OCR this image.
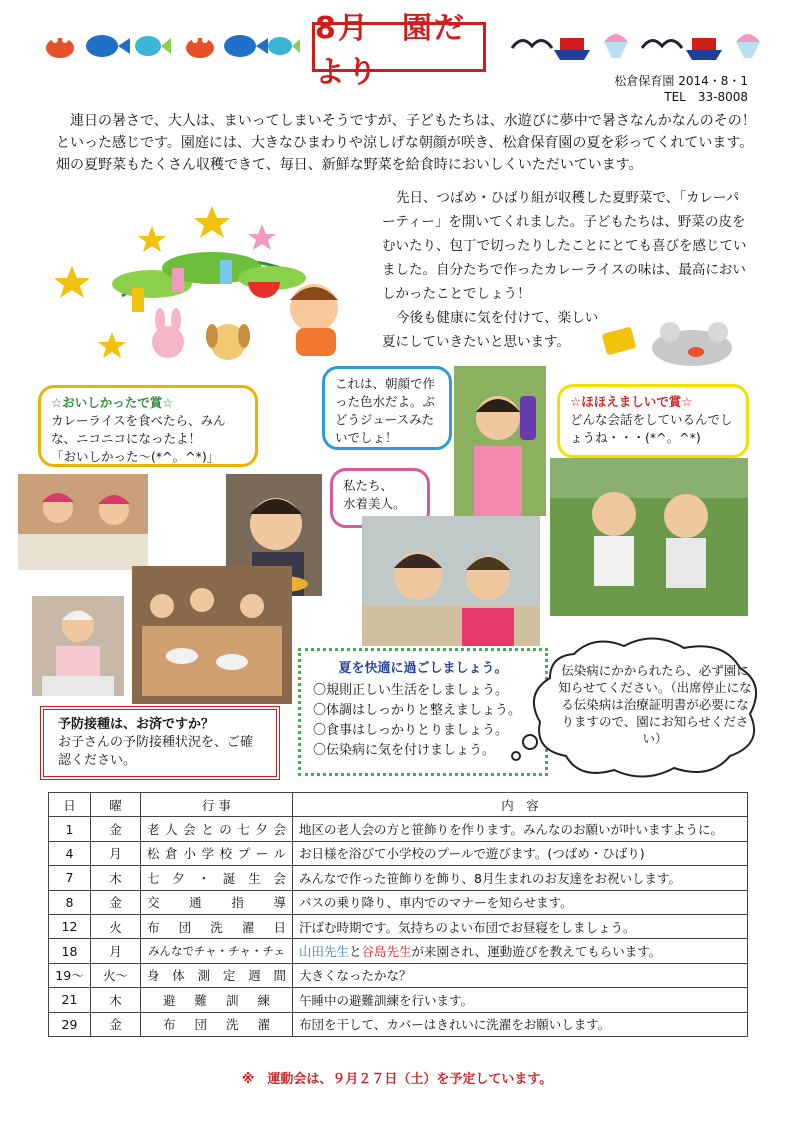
8月　園だより	松倉保育園 2014・8・1
TEL　33-8008

連日の暑さで、大人は、まいってしまいそうですが、子どもたちは、水遊びに夢中で暑さなんかなんのその！といった感じです。園庭には、大きなひまわりや涼しげな朝顔が咲き、松倉保育園の夏を彩ってくれています。畑の夏野菜もたくさん収穫できて、毎日、新鮮な野菜を給食時においしくいただいています。

先日、つばめ・ひばり組が収穫した夏野菜で、「カレーパーティー」を開いてくれました。子どもたちは、野菜の皮をむいたり、包丁で切ったりしたことにとても喜びを感じていました。自分たちで作ったカレーライスの味は、最高においしかったことでしょう！

今後も健康に気を付けて、楽しい夏にしていきたいと思います。

☆おいしかったで賞☆
カレーライスを食べたら、みんな、ニコニコになったよ！
「おいしかった～(*^。^*)」
これは、朝顔で作った色水だよ。ぶどうジュースみたいでしょ！
☆ほほえましいで賞☆
どんな会話をしているんでしょうね・・・(*^。^*)
私たち、
水着美人。
夏を快適に過ごしましょう。
〇規則正しい生活をしましょう。
〇体調はしっかりと整えましょう。
〇食事はしっかりとりましょう。
〇伝染病に気を付けましょう。
伝染病にかかられたら、必ず園に知らせてください。（出席停止になる伝染病は治療証明書が必要になりますので、園にお知らせください）
予防接種は、お済ですか？
お子さんの予防接種状況を、ご確認ください。
日	曜	行 事	内　容
1	金	老人会との七夕会	地区の老人会の方と笹飾りを作ります。みんなのお願いが叶いますように。
4	月	松倉小学校プール	お日様を浴びて小学校のプールで遊びます。(つばめ・ひばり)
7	木	七夕・誕生会	みんなで作った笹飾りを飾り、8月生まれのお友達をお祝いします。
8	金	交通指導	バスの乗り降り、車内でのマナーを知らせます。
12	火	布団洗濯日	汗ばむ時期です。気持ちのよい布団でお昼寝をしましょう。
18	月	みんなでチャ・チャ・チェ	山田先生と谷島先生が来園され、運動遊びを教えてもらいます。
19～	火～	身体測定週間	大きくなったかな？
21	木	避難訓練	午睡中の避難訓練を行います。
29	金	布団洗濯	布団を干して、カバーはきれいに洗濯をお願いします。
※　運動会は、９月２７日（土）を予定しています。
